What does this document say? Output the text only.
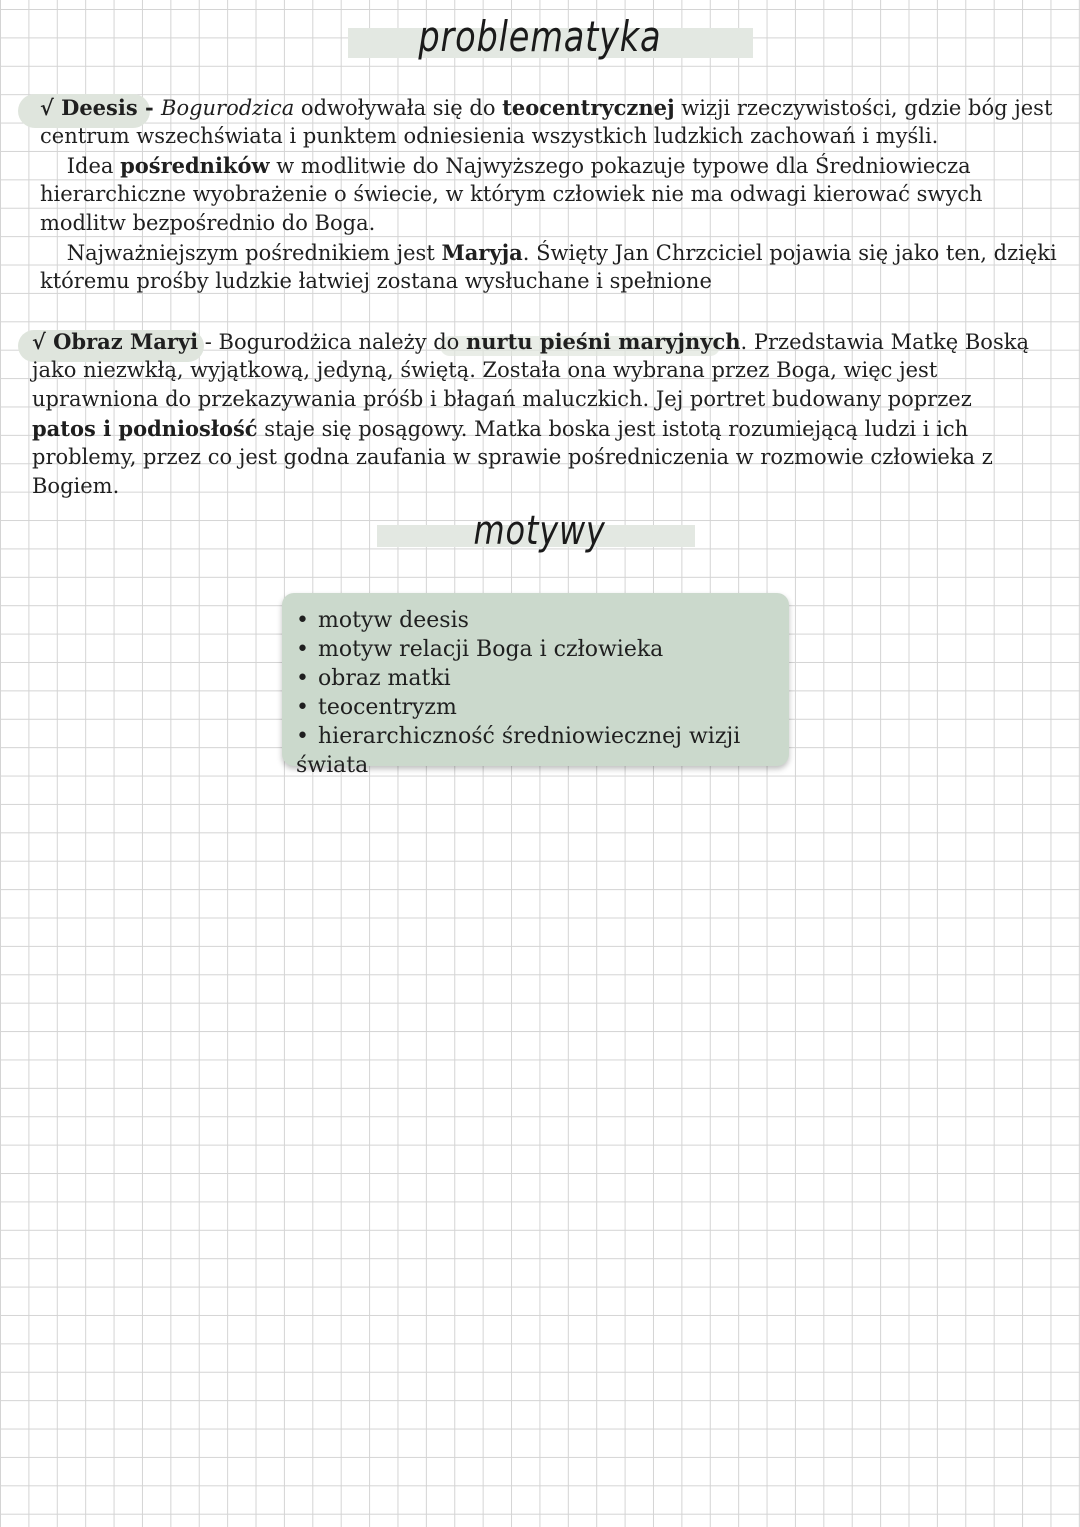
problematyka
√ Deesis - Bogurodzica odwoływała się do teocentrycznej wizji rzeczywistości, gdzie bóg jest
centrum wszechświata i punktem odniesienia wszystkich ludzkich zachowań i myśli.
Idea pośredników w modlitwie do Najwyższego pokazuje typowe dla Średniowiecza
hierarchiczne wyobrażenie o świecie, w którym człowiek nie ma odwagi kierować swych
modlitw bezpośrednio do Boga.
Najważniejszym pośrednikiem jest Maryja. Święty Jan Chrzciciel pojawia się jako ten, dzięki
któremu prośby ludzkie łatwiej zostana wysłuchane i spełnione
√ Obraz Maryi - Bogurodżica należy do nurtu pieśni maryjnych. Przedstawia Matkę Boską
jako niezwkłą, wyjątkową, jedyną, świętą. Została ona wybrana przez Boga, więc jest
uprawniona do przekazywania próśb i błagań maluczkich. Jej portret budowany poprzez
patos i podniosłość staje się posągowy. Matka boska jest istotą rozumiejącą ludzi i ich
problemy, przez co jest godna zaufania w sprawie pośredniczenia w rozmowie człowieka z
Bogiem.
motywy
• motyw deesis
• motyw relacji Boga i człowieka
• obraz matki
• teocentryzm
• hierarchiczność średniowiecznej wizji świata
